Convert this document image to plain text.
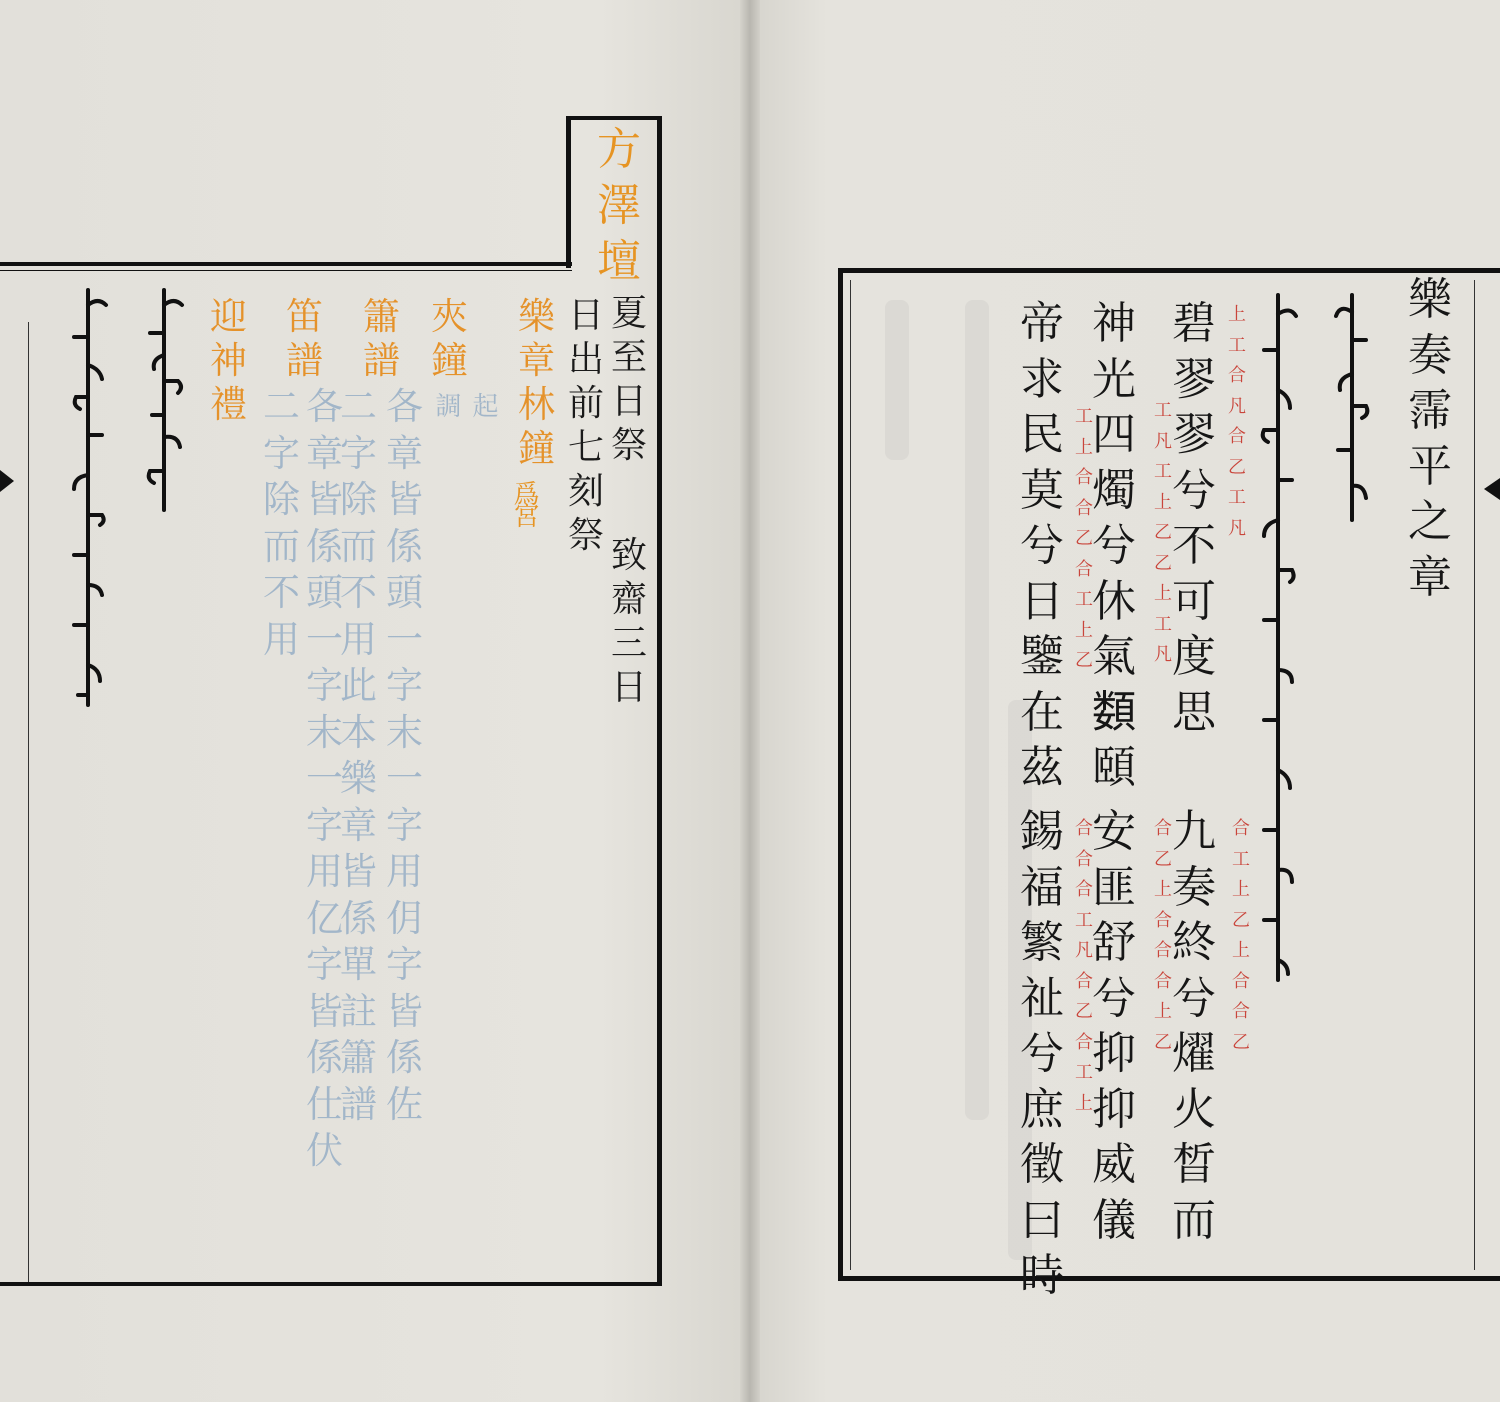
方
澤
壇
夏
至
日
祭
致
齋
三
日
日
出
前
七
刻
祭
樂
章
林
鐘
爲宮
夾
鐘
起調
簫
譜
各
章
皆
係
頭
一
字
末
一
字
用
仴
字
皆
係
佐
二
字
除
而
不
用
此
本
樂
章
皆
係
單
註
簫
譜
笛
譜
各
章
皆
係
頭
一
字
末
一
字
用
亿
字
皆
係
仕
伏
二
字
除
而
不
用
迎
神
禮
樂
奏
霈
平
之
章
碧
翏
翏
兮
不
可
度
思
神
光
四
燭
兮
休
氣
𩔗
頤
帝
求
民
莫
兮
日
鑒
在
茲
九
奏
終
兮
燿
火
晳
而
安
匪
舒
兮
抑
抑
威
儀
錫
福
繁
祉
兮
庶
徵
曰
時
上
工
合
凡
合
乙
工
凡
工
凡
工
上
乙
乙
上
工
凡
工
上
合
合
乙
合
工
上
乙
合
工
上
乙
上
合
合
乙
合
乙
上
合
合
合
上
乙
合
合
合
工
凡
合
乙
合
工
上
